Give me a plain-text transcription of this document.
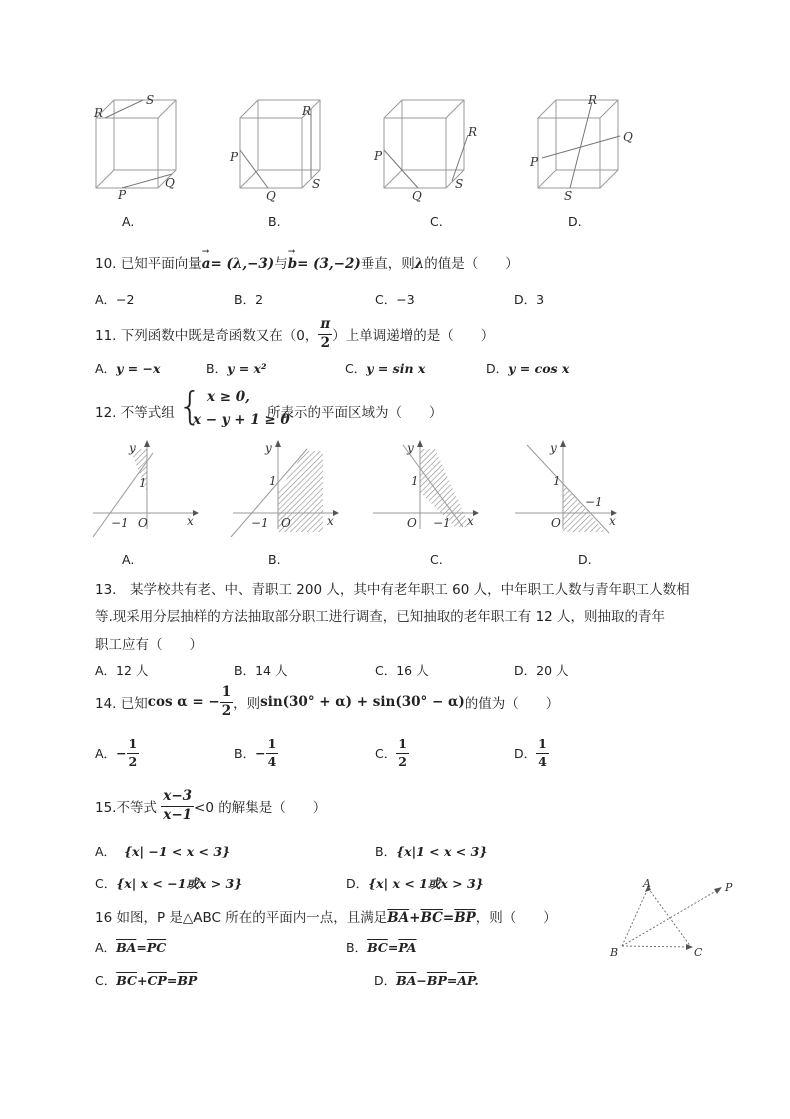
R
S
P
Q
R
P
Q
S
P
R
Q
S
R
Q
P
S
A.	B.	C.	D.
10. 已知平面向量
→
a= (λ,−3)与
→
b= (3,−2)垂直，则λ的值是（　　）
A．−2	B．2	C．−3	D．3
11. 下列函数中既是奇函数又在（0， $\frac{\pi}{2}$ ）上单调递增的是（　　）
A．y = −x	B．y = x²	C．y = sin x	D．y = cos x
12. 不等式组 { x ≥ 0,
x − y + 1 ≥ 0
所表示的平面区域为（　　）
y
x
O
1
−1
y
x
O
1
−1
y
x
O
1
−1
y
x
O
1
−1
A.	B.	C.	D.
13.　某学校共有老、中、青职工 200 人，其中有老年职工 60 人，中年职工人数与青年职工人数相
等.现采用分层抽样的方法抽取部分职工进行调查，已知抽取的老年职工有 12 人，则抽取的青年
职工应有（　　）
A．12 人	B．14 人	C．16 人	D．20 人
14. 已知cos α = − $\frac{1}{2}$ ，则sin(30° + α) + sin(30° − α)的值为（　　）
A．− $\frac{1}{2}$	B．− $\frac{1}{4}$	C． $\frac{1}{2}$	D． $\frac{1}{4}$
15.不等式 $\frac{x-3}{x-1} <0$ 的解集是（　　）
A． {x| −1 < x < 3}	B．{x|1 < x < 3}
C．{x| x < −1或x > 3}	D．{x| x < 1或x > 3}
16 如图，P 是△ABC 所在的平面内一点，且满足$\overline{BA}+\overline{BC}=\overline{BP}$，则（　　）
A．$\overline{BA}=\overline{PC}$	B．$\overline{BC}=\overline{PA}$
C．$\overline{BC}+\overline{CP}=\overline{BP}$	D．$\overline{BA}-\overline{BP}=\overline{AP}$.
A
B	C
P
